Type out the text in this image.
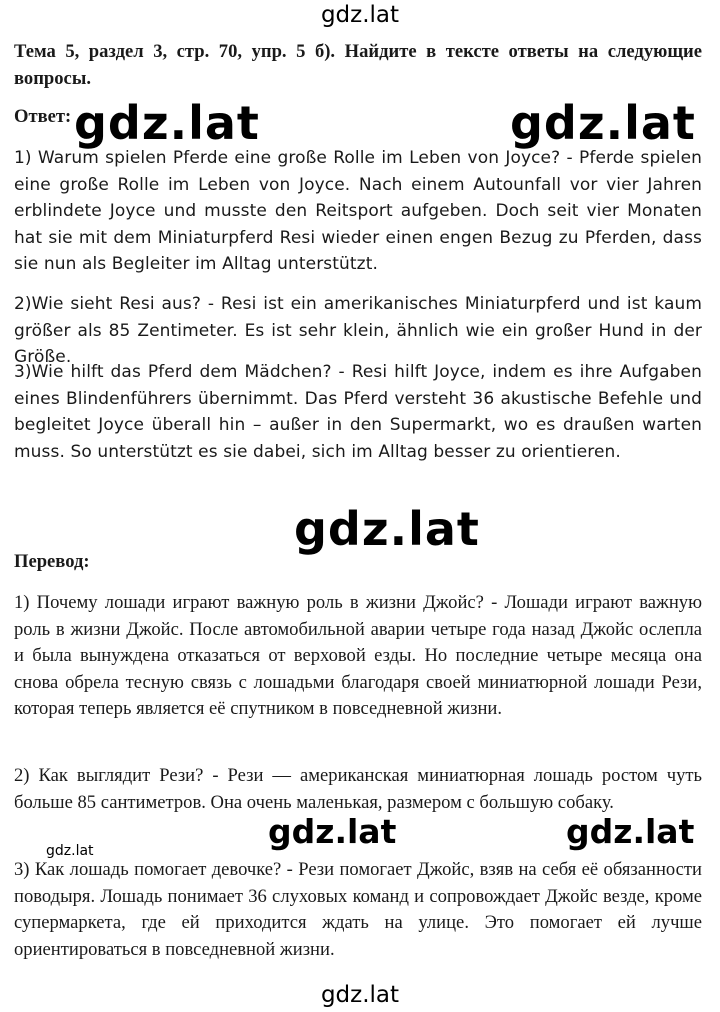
gdz.lat

Тема 5, раздел 3, стр. 70, упр. 5 б). Найдите в тексте ответы на следующие вопросы.

Ответ: gdz.lat	gdz.lat

1) Warum spielen Pferde eine große Rolle im Leben von Joyce? - Pferde spielen eine große Rolle im Leben von Joyce. Nach einem Autounfall vor vier Jahren erblindete Joyce und musste den Reitsport aufgeben. Doch seit vier Monaten hat sie mit dem Miniaturpferd Resi wieder einen engen Bezug zu Pferden, dass sie nun als Begleiter im Alltag unterstützt.

2)Wie sieht Resi aus? - Resi ist ein amerikanisches Miniaturpferd und ist kaum größer als 85 Zentimeter. Es ist sehr klein, ähnlich wie ein großer Hund in der Größe.

3)Wie hilft das Pferd dem Mädchen? - Resi hilft Joyce, indem es ihre Aufgaben eines Blindenführers übernimmt. Das Pferd versteht 36 akustische Befehle und begleitet Joyce überall hin – außer in den Supermarkt, wo es draußen warten muss. So unterstützt es sie dabei, sich im Alltag besser zu orientieren.

gdz.lat

Перевод:

1) Почему лошади играют важную роль в жизни Джойс? - Лошади играют важную роль в жизни Джойс. После автомобильной аварии четыре года назад Джойс ослепла и была вынуждена отказаться от верховой езды. Но последние четыре месяца она снова обрела тесную связь с лошадьми благодаря своей миниатюрной лошади Рези, которая теперь является её спутником в повседневной жизни.

2) Как выглядит Рези? - Рези — американская миниатюрная лошадь ростом чуть больше 85 сантиметров. Она очень маленькая, размером с большую собаку.

gdz.lat	gdz.lat
gdz.lat

3) Как лошадь помогает девочке? - Рези помогает Джойс, взяв на себя её обязанности поводыря. Лошадь понимает 36 слуховых команд и сопровождает Джойс везде, кроме супермаркета, где ей приходится ждать на улице. Это помогает ей лучше ориентироваться в повседневной жизни.

gdz.lat
